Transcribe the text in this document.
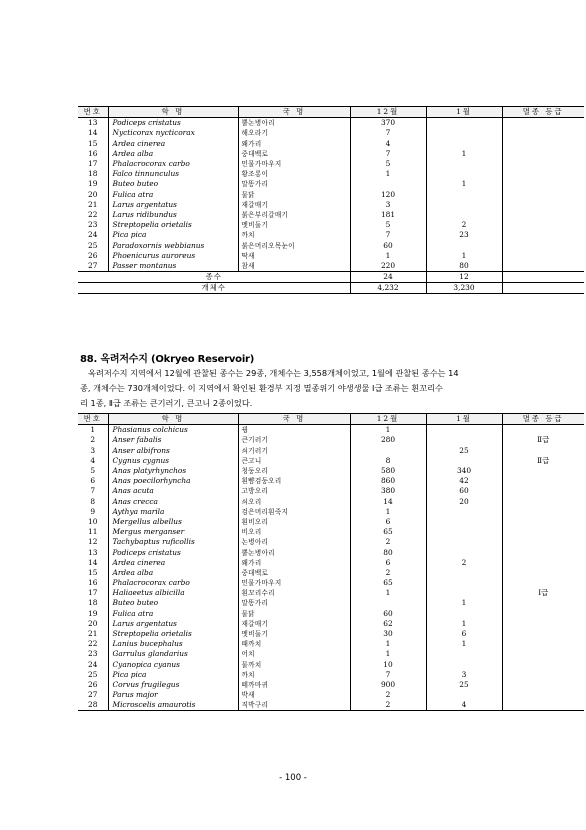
번호	학 명	국 명	12월	1월	멸종 등급
13	Podiceps cristatus	뿔논병아리	370		
14	Nycticorax nycticorax	해오라기	7		
15	Ardea cinerea	왜가리	4		
16	Ardea alba	중대백로	7	1	
17	Phalacrocorax carbo	민물가마우지	5		
18	Falco tinnunculus	황조롱이	1		
19	Buteo buteo	말똥가리		1	
20	Fulica atra	물닭	120		
21	Larus argentatus	재갈매기	3		
22	Larus ridibundus	붉은부리갈매기	181		
23	Streptopelia orietalis	멧비둘기	5	2	
24	Pica pica	까치	7	23	
25	Paradoxornis webbianus	붉은머리오목눈이	60		
26	Phoenicurus auroreus	딱새	1	1	
27	Passer montanus	참새	220	80	
종수			24	12	
개체수			4,232	3,230	
88. 옥려저수지 (Okryeo Reservoir)
옥려저수지 지역에서 12월에 관찰된 종수는 29종, 개체수는 3,558개체이었고, 1월에 관찰된 종수는 14
종, 개체수는 730개체이었다. 이 지역에서 확인된 환경부 지정 멸종위기 야생생물 Ⅰ급 조류는 흰꼬리수
리 1종, Ⅱ급 조류는 큰기러기, 큰고니 2종이었다.
번호	학 명	국 명	12월	1월	멸종 등급
1	Phasianus colchicus	꿩	1		
2	Anser fabalis	큰기러기	280		Ⅱ급
3	Anser albifrons	쇠기러기		25	
4	Cygnus cygnus	큰고니	8		Ⅱ급
5	Anas platyrhynchos	청둥오리	580	340	
6	Anas poecilorhyncha	흰뺨검둥오리	860	42	
7	Anas acuta	고방오리	380	60	
8	Anas crecca	쇠오리	14	20	
9	Aythya marila	검은머리흰죽지	1		
10	Mergellus albellus	흰비오리	6		
11	Mergus merganser	비오리	65		
12	Tachybaptus ruficollis	논병아리	2		
13	Podiceps cristatus	뿔논병아리	80		
14	Ardea cinerea	왜가리	6	2	
15	Ardea alba	중대백로	2		
16	Phalacrocorax carbo	민물가마우지	65		
17	Haliaeetus albicilla	흰꼬리수리	1		Ⅰ급
18	Buteo buteo	말똥가리		1	
19	Fulica atra	물닭	60		
20	Larus argentatus	재갈매기	62	1	
21	Streptopelia orietalis	멧비둘기	30	6	
22	Lanius bucephalus	때까치	1	1	
23	Garrulus glandarius	어치	1		
24	Cyanopica cyanus	물까치	10		
25	Pica pica	까치	7	3	
26	Corvus frugilegus	떼까마귀	900	25	
27	Parus major	박새	2		
28	Microscelis amaurotis	직박구리	2	4	
- 100 -
